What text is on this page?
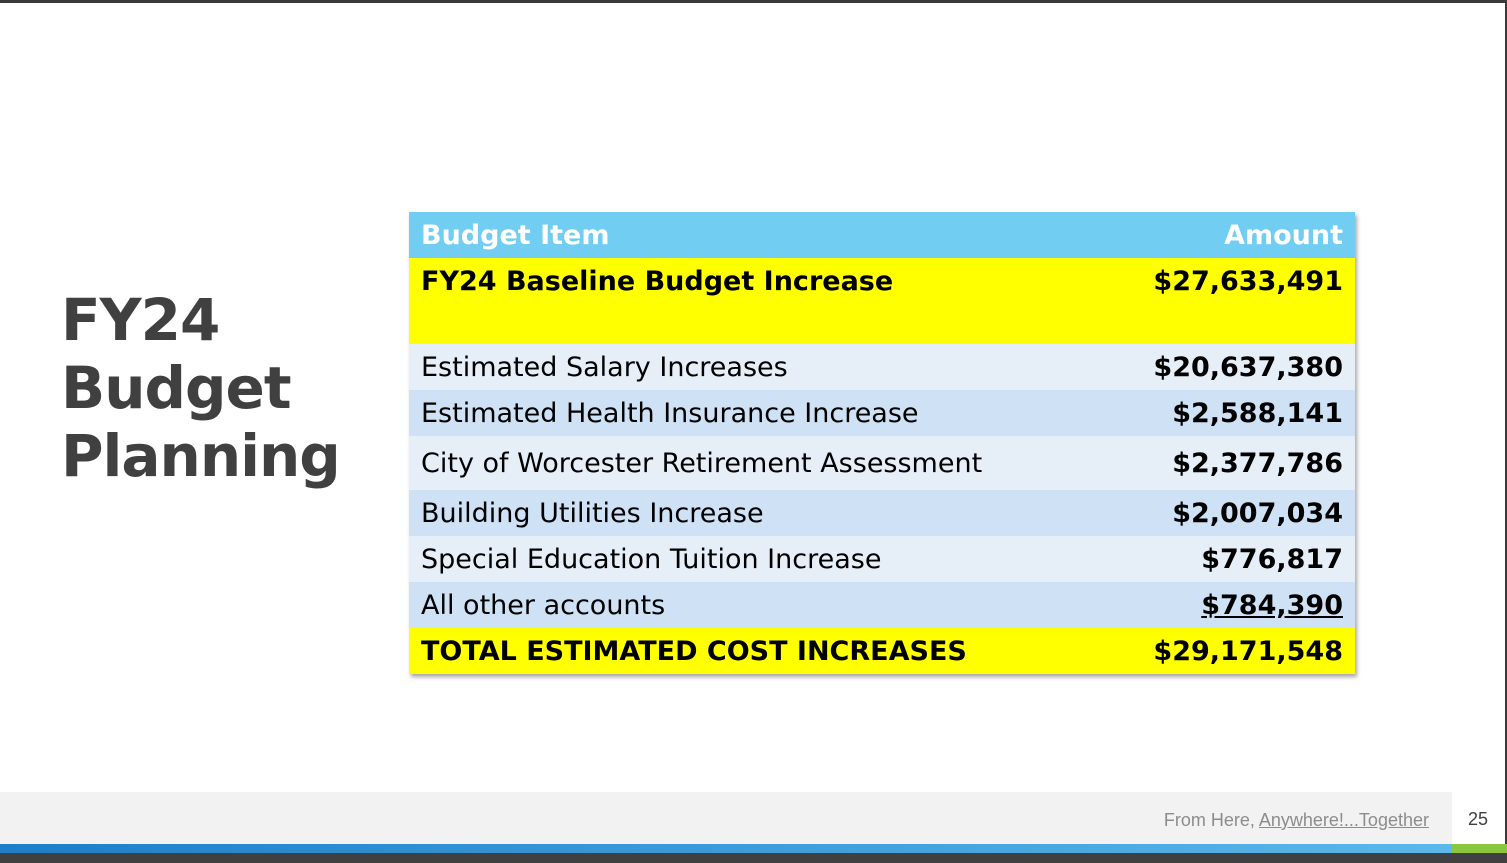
FY24
Budget
Planning
Budget Item	Amount
FY24 Baseline Budget Increase	$27,633,491
Estimated Salary Increases	$20,637,380
Estimated Health Insurance Increase	$2,588,141
City of Worcester Retirement Assessment	$2,377,786
Building Utilities Increase	$2,007,034
Special Education Tuition Increase	$776,817
All other accounts	$784,390
TOTAL ESTIMATED COST INCREASES	$29,171,548
From Here, Anywhere!...Together 25
